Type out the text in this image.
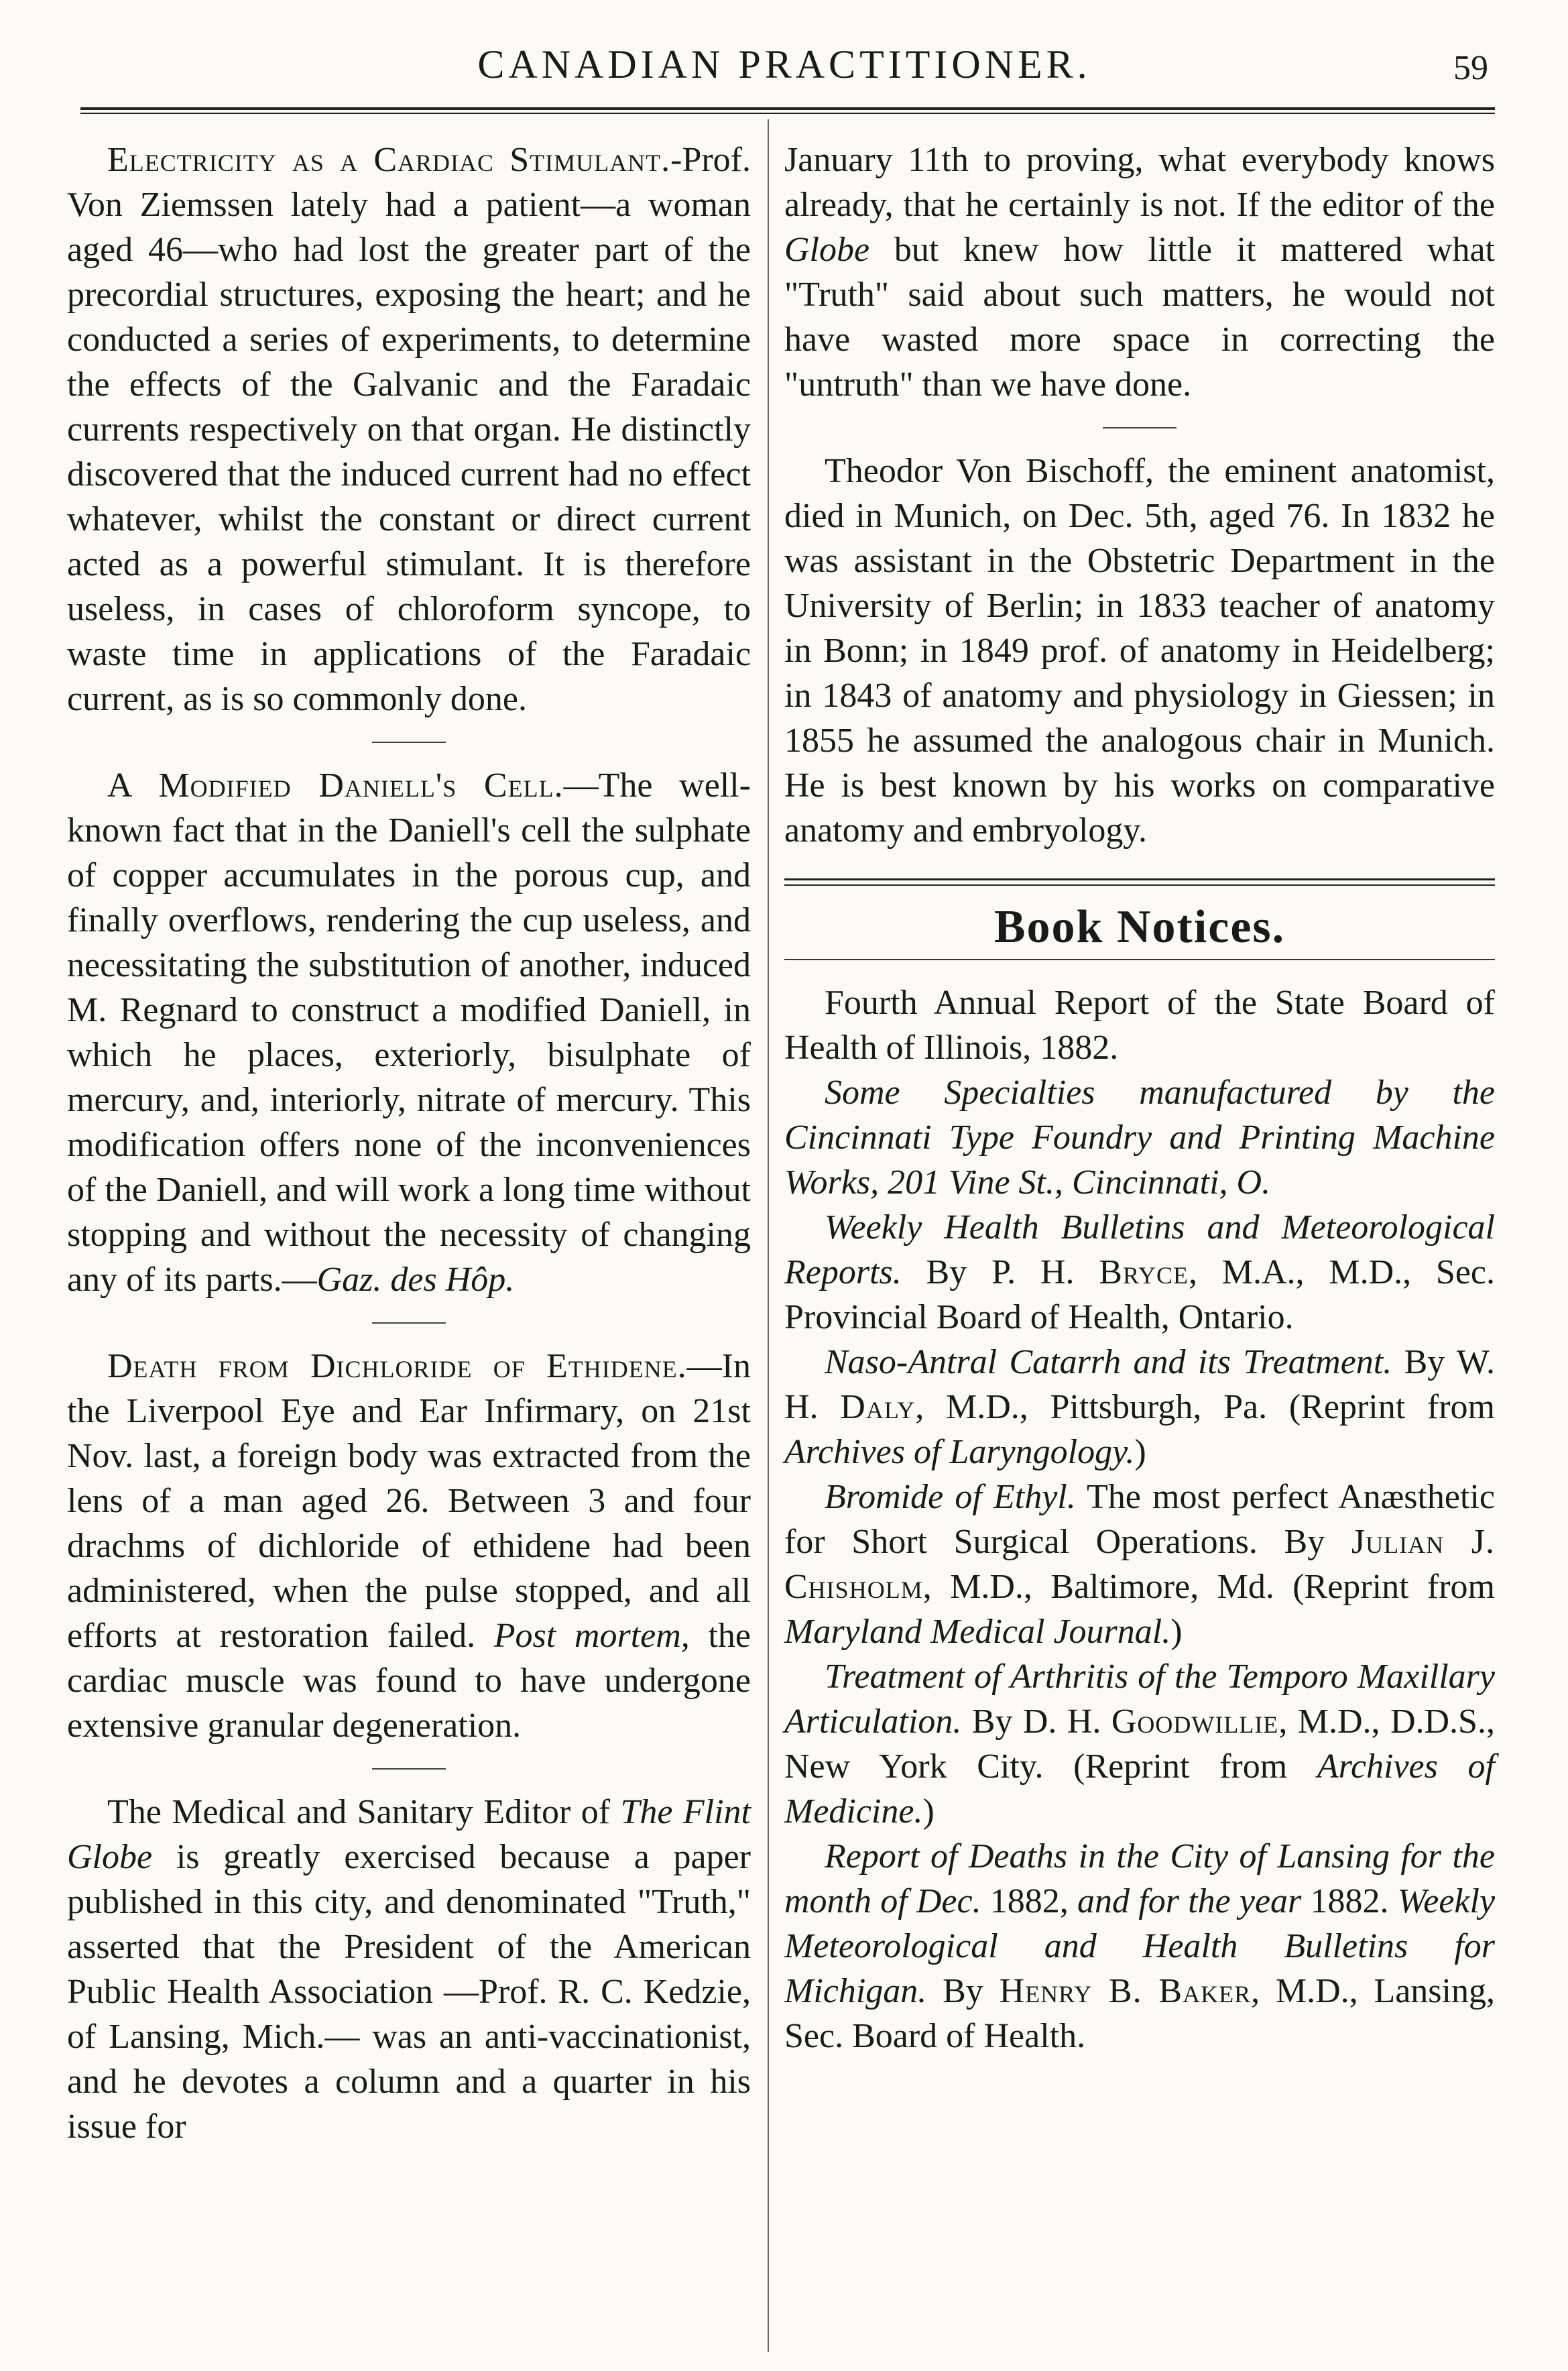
CANADIAN PRACTITIONER.	59

Electricity as a Cardiac Stimulant.-Prof. Von Ziemssen lately had a patient—a woman aged 46—who had lost the greater part of the precordial structures, exposing the heart; and he conducted a series of experiments, to determine the effects of the Galvanic and the Faradaic currents respectively on that organ. He distinctly discovered that the induced current had no effect whatever, whilst the constant or direct current acted as a powerful stimulant. It is therefore useless, in cases of chloroform syncope, to waste time in applications of the Faradaic current, as is so commonly done.

A Modified Daniell's Cell.—The well-known fact that in the Daniell's cell the sulphate of copper accumulates in the porous cup, and finally overflows, rendering the cup useless, and necessitating the substitution of another, induced M. Regnard to construct a modified Daniell, in which he places, exteriorly, bisulphate of mercury, and, interiorly, nitrate of mercury. This modification offers none of the inconveniences of the Daniell, and will work a long time without stopping and without the necessity of changing any of its parts.—Gaz. des Hôp.

Death from Dichloride of Ethidene.—In the Liverpool Eye and Ear Infirmary, on 21st Nov. last, a foreign body was extracted from the lens of a man aged 26. Between 3 and four drachms of dichloride of ethidene had been administered, when the pulse stopped, and all efforts at restoration failed. Post mortem, the cardiac muscle was found to have undergone extensive granular degeneration.

The Medical and Sanitary Editor of The Flint Globe is greatly exercised because a paper published in this city, and denominated "Truth," asserted that the President of the American Public Health Association —Prof. R. C. Kedzie, of Lansing, Mich.— was an anti-vaccinationist, and he devotes a column and a quarter in his issue for

January 11th to proving, what everybody knows already, that he certainly is not. If the editor of the Globe but knew how little it mattered what "Truth" said about such matters, he would not have wasted more space in correcting the "untruth" than we have done.

Theodor Von Bischoff, the eminent anatomist, died in Munich, on Dec. 5th, aged 76. In 1832 he was assistant in the Obstetric Department in the University of Berlin; in 1833 teacher of anatomy in Bonn; in 1849 prof. of anatomy in Heidelberg; in 1843 of anatomy and physiology in Giessen; in 1855 he assumed the analogous chair in Munich. He is best known by his works on comparative anatomy and embryology.

Book Notices.

Fourth Annual Report of the State Board of Health of Illinois, 1882.

Some Specialties manufactured by the Cincinnati Type Foundry and Printing Machine Works, 201 Vine St., Cincinnati, O.

Weekly Health Bulletins and Meteorological Reports. By P. H. Bryce, M.A., M.D., Sec. Provincial Board of Health, Ontario.

Naso-Antral Catarrh and its Treatment. By W. H. Daly, M.D., Pittsburgh, Pa. (Reprint from Archives of Laryngology.)

Bromide of Ethyl. The most perfect Anæsthetic for Short Surgical Operations. By Julian J. Chisholm, M.D., Baltimore, Md. (Reprint from Maryland Medical Journal.)

Treatment of Arthritis of the Temporo Maxillary Articulation. By D. H. Goodwillie, M.D., D.D.S., New York City. (Reprint from Archives of Medicine.)

Report of Deaths in the City of Lansing for the month of Dec. 1882, and for the year 1882. Weekly Meteorological and Health Bulletins for Michigan. By Henry B. Baker, M.D., Lansing, Sec. Board of Health.
